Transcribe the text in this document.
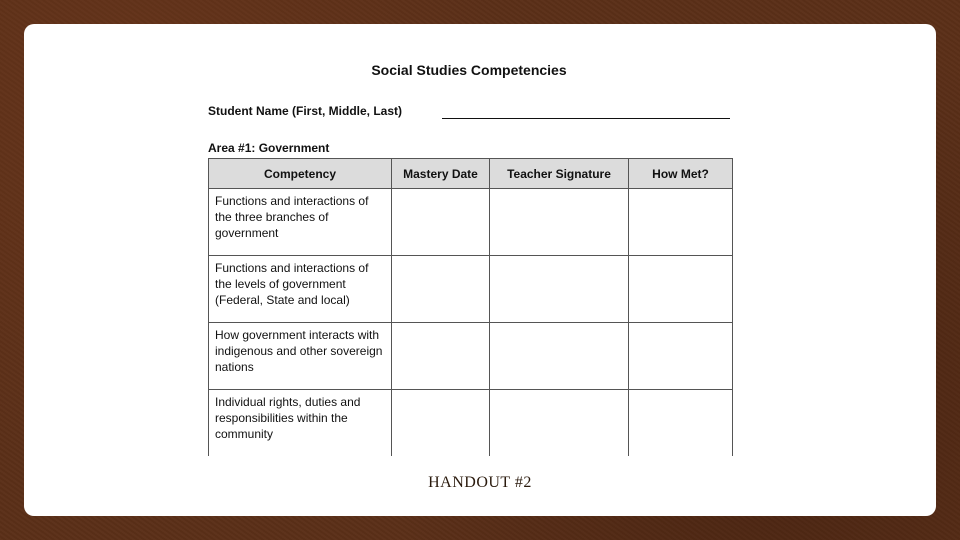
Social Studies Competencies
Student Name (First, Middle, Last)
Area #1: Government
Competency	Mastery Date	Teacher Signature	How Met?
Functions and interactions of the three branches of government			
Functions and interactions of the levels of government (Federal, State and local)			
How government interacts with indigenous and other sovereign nations			
Individual rights, duties and responsibilities within the community			
HANDOUT #2
